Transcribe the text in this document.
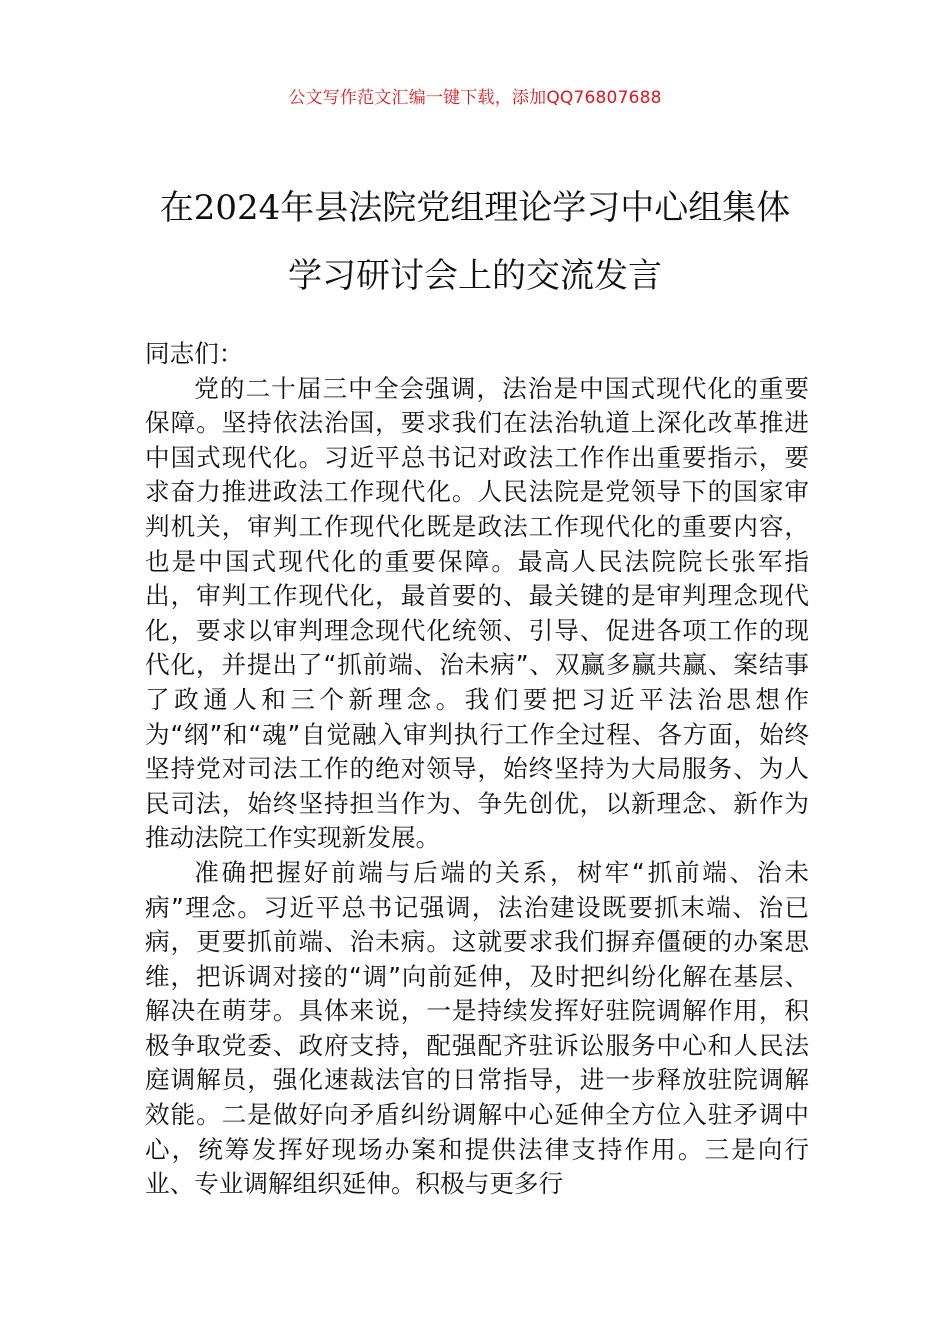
公文写作范文汇编一键下载，添加QQ76807688
在2024年县法院党组理论学习中心组集体
学习研讨会上的交流发言

同志们：

党的二十届三中全会强调，法治是中国式现代化的重要保障。坚持依法治国，要求我们在法治轨道上深化改革推进中国式现代化。习近平总书记对政法工作作出重要指示，要求奋力推进政法工作现代化。人民法院是党领导下的国家审判机关，审判工作现代化既是政法工作现代化的重要内容，也是中国式现代化的重要保障。最高人民法院院长张军指出，审判工作现代化，最首要的、最关键的是审判理念现代化，要求以审判理念现代化统领、引导、促进各项工作的现代化，并提出了“抓前端、治未病”、双赢多赢共赢、案结事了政通人和三个新理念。我们要把习近平法治思想作为“纲”和“魂”自觉融入审判执行工作全过程、各方面，始终坚持党对司法工作的绝对领导，始终坚持为大局服务、为人民司法，始终坚持担当作为、争先创优，以新理念、新作为推动法院工作实现新发展。

准确把握好前端与后端的关系，树牢“抓前端、治未病”理念。习近平总书记强调，法治建设既要抓末端、治已病，更要抓前端、治未病。这就要求我们摒弃僵硬的办案思维，把诉调对接的“调”向前延伸，及时把纠纷化解在基层、解决在萌芽。具体来说，一是持续发挥好驻院调解作用，积极争取党委、政府支持，配强配齐驻诉讼服务中心和人民法庭调解员，强化速裁法官的日常指导，进一步释放驻院调解效能。二是做好向矛盾纠纷调解中心延伸全方位入驻矛调中心，统筹发挥好现场办案和提供法律支持作用。三是向行业、专业调解组织延伸。积极与更多行
